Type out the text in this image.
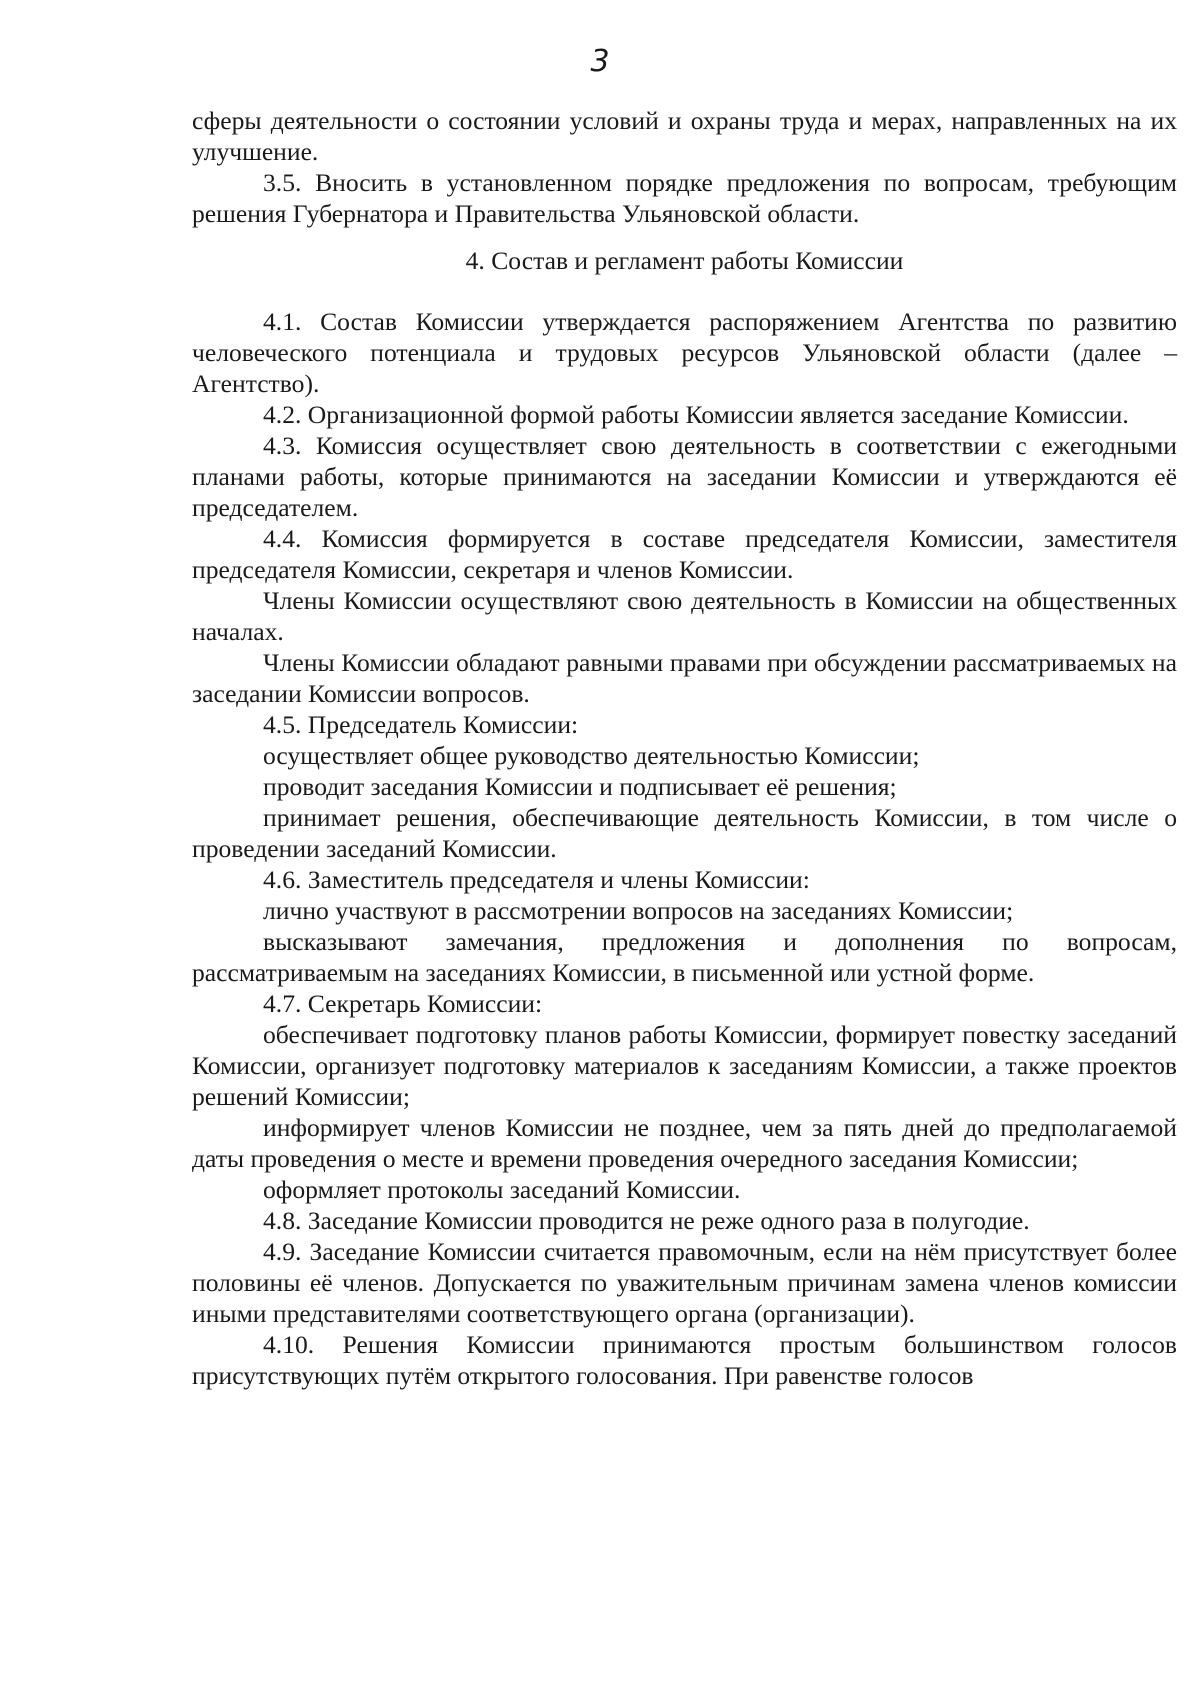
3

сферы деятельности о состоянии условий и охраны труда и мерах, направленных на их улучшение.

3.5. Вносить в установленном порядке предложения по вопросам, требующим решения Губернатора и Правительства Ульяновской области.

4. Состав и регламент работы Комиссии

4.1. Состав Комиссии утверждается распоряжением Агентства по развитию человеческого потенциала и трудовых ресурсов Ульяновской области (далее – Агентство).

4.2. Организационной формой работы Комиссии является заседание Комиссии.

4.3. Комиссия осуществляет свою деятельность в соответствии с ежегодными планами работы, которые принимаются на заседании Комиссии и утверждаются её председателем.

4.4. Комиссия формируется в составе председателя Комиссии, заместителя председателя Комиссии, секретаря и членов Комиссии.

Члены Комиссии осуществляют свою деятельность в Комиссии на общественных началах.

Члены Комиссии обладают равными правами при обсуждении рассматриваемых на заседании Комиссии вопросов.

4.5. Председатель Комиссии:

осуществляет общее руководство деятельностью Комиссии;

проводит заседания Комиссии и подписывает её решения;

принимает решения, обеспечивающие деятельность Комиссии, в том числе о проведении заседаний Комиссии.

4.6. Заместитель председателя и члены Комиссии:

лично участвуют в рассмотрении вопросов на заседаниях Комиссии;

высказывают замечания, предложения и дополнения по вопросам, рассматриваемым на заседаниях Комиссии, в письменной или устной форме.

4.7. Секретарь Комиссии:

обеспечивает подготовку планов работы Комиссии, формирует повестку заседаний Комиссии, организует подготовку материалов к заседаниям Комиссии, а также проектов решений Комиссии;

информирует членов Комиссии не позднее, чем за пять дней до предполагаемой даты проведения о месте и времени проведения очередного заседания Комиссии;

оформляет протоколы заседаний Комиссии.

4.8. Заседание Комиссии проводится не реже одного раза в полугодие.

4.9. Заседание Комиссии считается правомочным, если на нём присутствует более половины её членов. Допускается по уважительным причинам замена членов комиссии иными представителями соответствующего органа (организации).

4.10. Решения Комиссии принимаются простым большинством голосов присутствующих путём открытого голосования. При равенстве голосов
